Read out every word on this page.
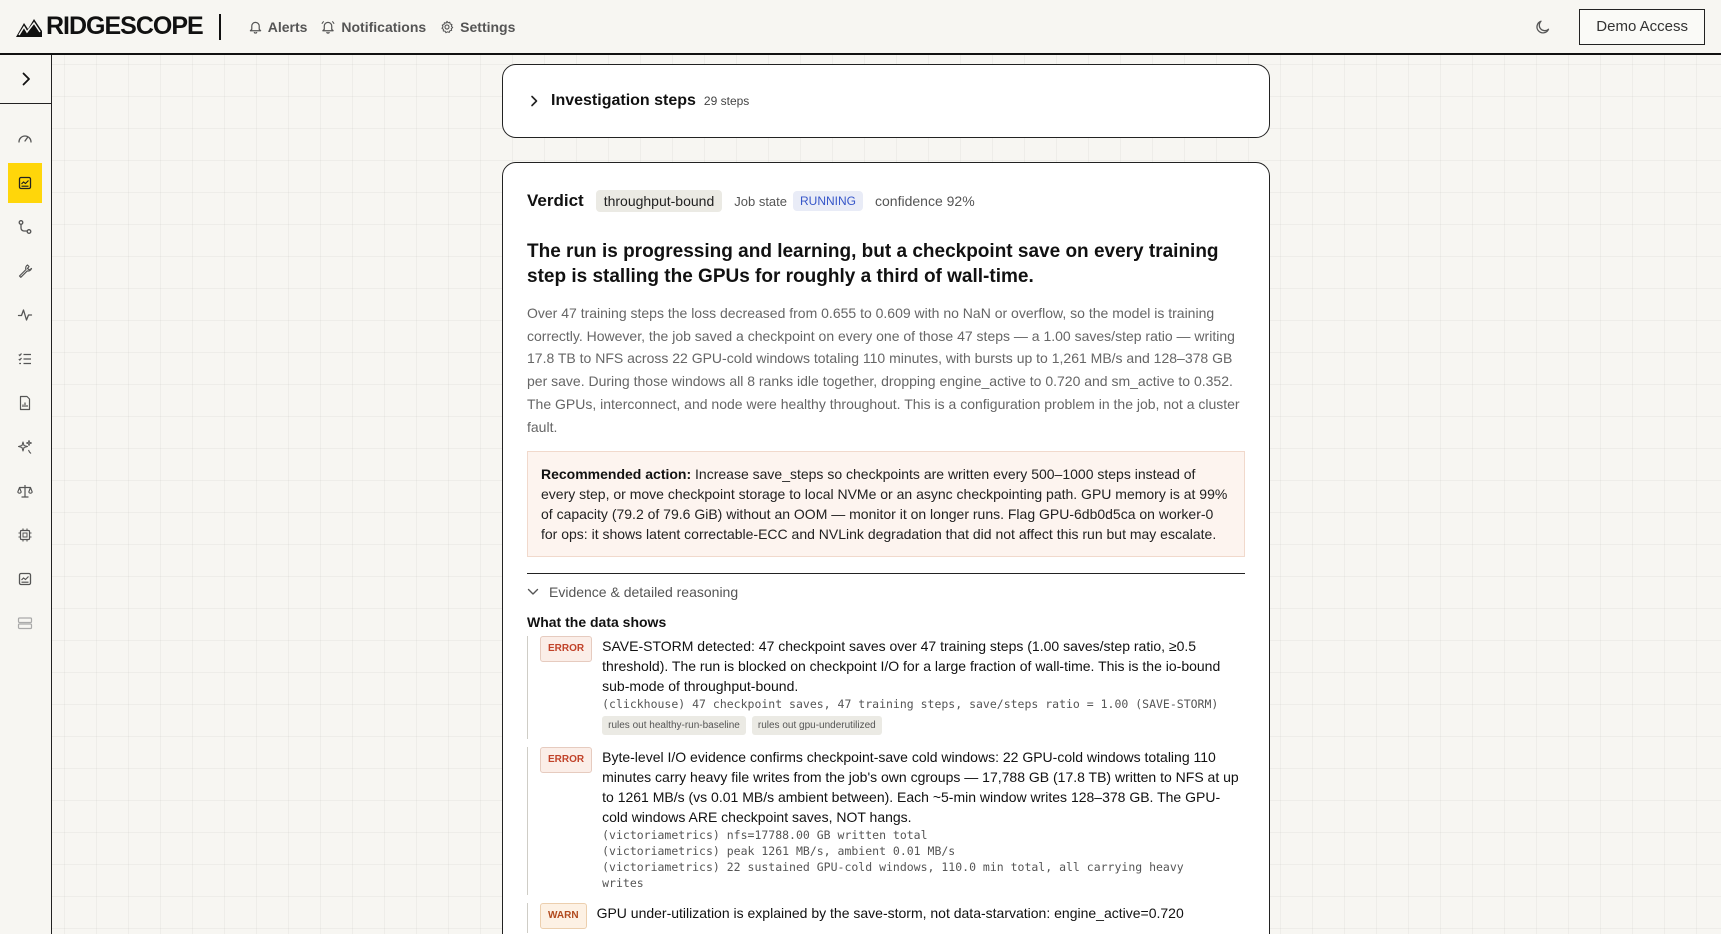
RIDGESCOPE	Alerts Notifications Settings	Demo Access
Investigation steps 29 steps
Verdict	throughput-bound	Job state	RUNNING	confidence 92%
The run is progressing and learning, but a checkpoint save on every training step is stalling the GPUs for roughly a third of wall-time.
Over 47 training steps the loss decreased from 0.655 to 0.609 with no NaN or overflow, so the model is training correctly. However, the job saved a checkpoint on every one of those 47 steps — a 1.00 saves/step ratio — writing 17.8 TB to NFS across 22 GPU-cold windows totaling 110 minutes, with bursts up to 1,261 MB/s and 128–378 GB per save. During those windows all 8 ranks idle together, dropping engine_active to 0.720 and sm_active to 0.352. The GPUs, interconnect, and node were healthy throughout. This is a configuration problem in the job, not a cluster fault.
Recommended action: Increase save_steps so checkpoints are written every 500–1000 steps instead of every step, or move checkpoint storage to local NVMe or an async checkpointing path. GPU memory is at 99% of capacity (79.2 of 79.6 GiB) without an OOM — monitor it on longer runs. Flag GPU-6db0d5ca on worker-0 for ops: it shows latent correctable-ECC and NVLink degradation that did not affect this run but may escalate.
Evidence & detailed reasoning
What the data shows
ERROR	SAVE-STORM detected: 47 checkpoint saves over 47 training steps (1.00 saves/step ratio, ≥0.5 threshold). The run is blocked on checkpoint I/O for a large fraction of wall-time. This is the io-bound sub-mode of throughput-bound.
(clickhouse) 47 checkpoint saves, 47 training steps, save/steps ratio = 1.00 (SAVE-STORM)
rules out healthy-run-baseline	rules out gpu-underutilized
ERROR	Byte-level I/O evidence confirms checkpoint-save cold windows: 22 GPU-cold windows totaling 110 minutes carry heavy file writes from the job's own cgroups — 17,788 GB (17.8 TB) written to NFS at up to 1261 MB/s (vs 0.01 MB/s ambient between). Each ~5-min window writes 128–378 GB. The GPU-cold windows ARE checkpoint saves, NOT hangs.
(victoriametrics) nfs=17788.00 GB written total
(victoriametrics) peak 1261 MB/s, ambient 0.01 MB/s
(victoriametrics) 22 sustained GPU-cold windows, 110.0 min total, all carrying heavy
writes
WARN	GPU under-utilization is explained by the save-storm, not data-starvation: engine_active=0.720
